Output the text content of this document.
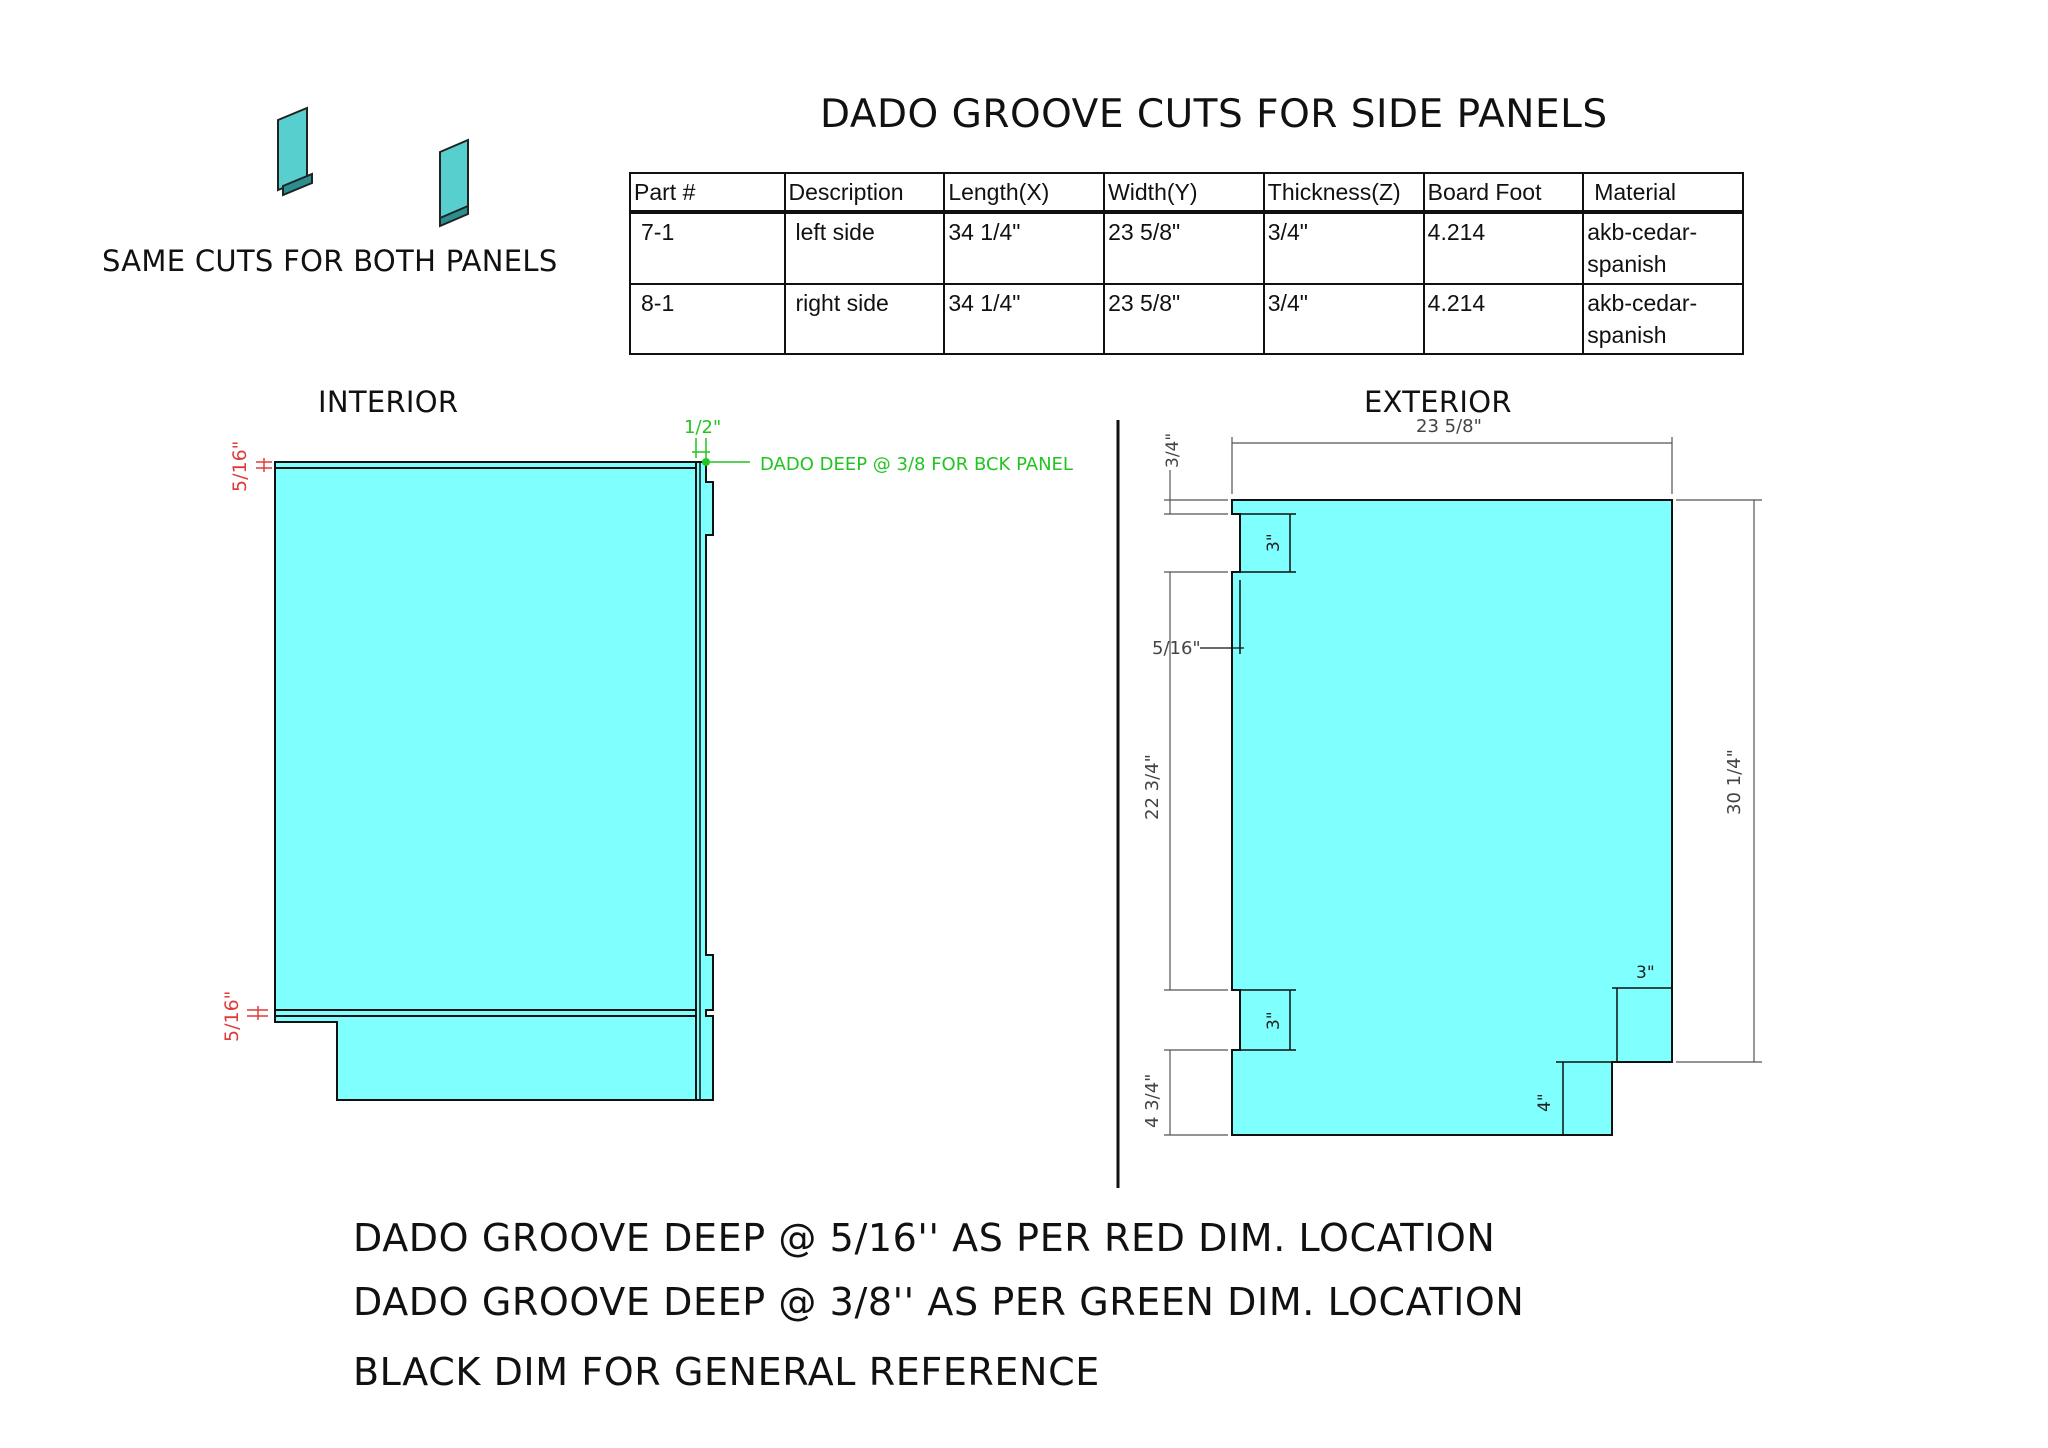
DADO GROOVE CUTS FOR SIDE PANELS
SAME CUTS FOR BOTH PANELS
Part #	Description	Length(X)	Width(Y)	Thickness(Z)	Board Foot	Material
7-1	left side	34 1/4"	23 5/8"	3/4"	4.214	akb-cedar-spanish
8-1	right side	34 1/4"	23 5/8"	3/4"	4.214	akb-cedar-spanish
INTERIOR	EXTERIOR
DADO GROOVE DEEP @ 5/16'' AS PER RED DIM. LOCATION
DADO GROOVE DEEP @ 3/8'' AS PER GREEN DIM. LOCATION
BLACK DIM FOR GENERAL REFERENCE
5/16"
5/16"
1/2"
DADO DEEP @ 3/8 FOR BCK PANEL
3"
3"
23 5/8"
3/4"
22 3/4"
4 3/4"
5/16"
30 1/4"
3"
4"
